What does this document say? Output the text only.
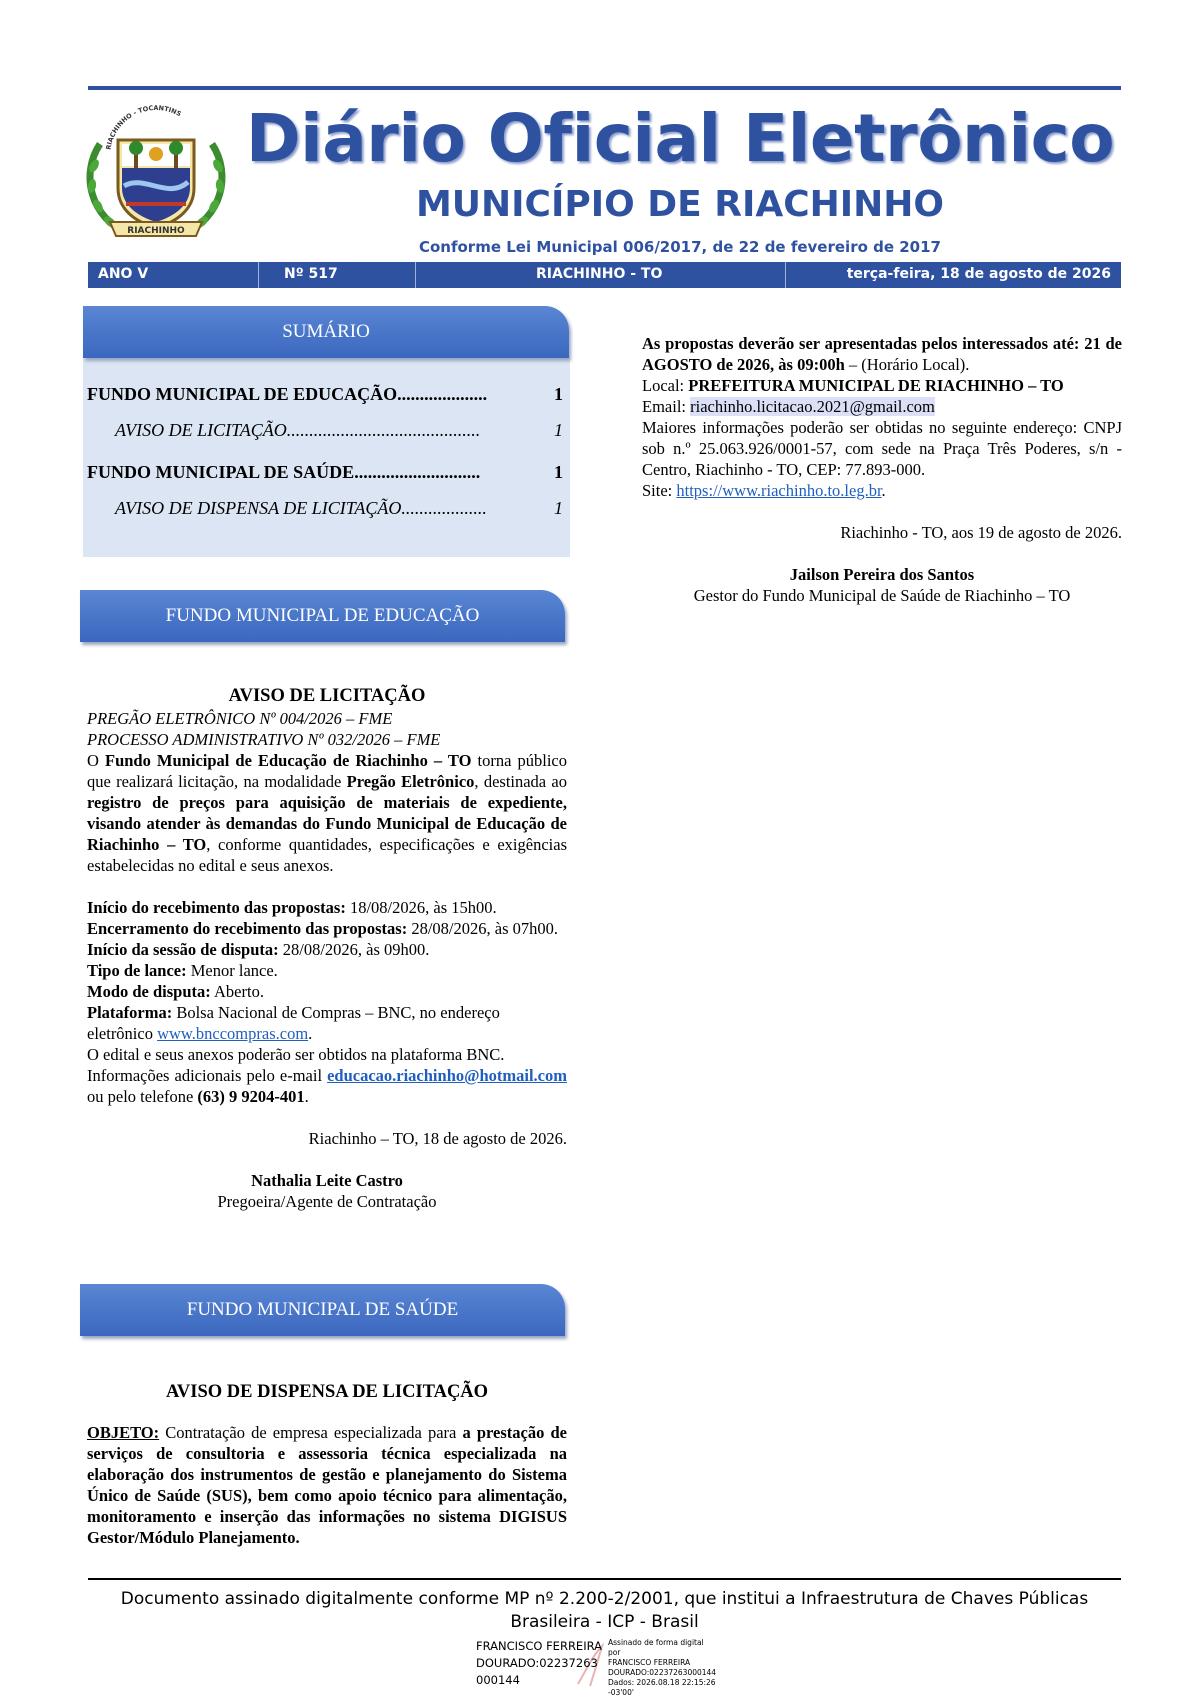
RIACHINHO
RIACHINHO - TOCANTINS Diário Oficial Eletrônico
MUNICÍPIO DE RIACHINHO
Conforme Lei Municipal 006/2017, de 22 de fevereiro de 2017
ANO V	Nº 517	RIACHINHO - TO	terça-feira, 18 de agosto de 2026
SUMÁRIO
FUNDO MUNICIPAL DE EDUCAÇÃO ....................	1
AVISO DE LICITAÇÃO ...........................................	1
FUNDO MUNICIPAL DE SAÚDE ............................	1
AVISO DE DISPENSA DE LICITAÇÃO ...................	1
FUNDO MUNICIPAL DE EDUCAÇÃO
AVISO DE LICITAÇÃO
PREGÃO ELETRÔNICO Nº 004/2026 – FME
PROCESSO ADMINISTRATIVO Nº 032/2026 – FME
O Fundo Municipal de Educação de Riachinho – TO torna público que realizará licitação, na modalidade Pregão Eletrônico, destinada ao registro de preços para aquisição de materiais de expediente, visando atender às demandas do Fundo Municipal de Educação de Riachinho – TO, conforme quantidades, especificações e exigências estabelecidas no edital e seus anexos.
Início do recebimento das propostas: 18/08/2026, às 15h00.
Encerramento do recebimento das propostas: 28/08/2026, às 07h00.
Início da sessão de disputa: 28/08/2026, às 09h00.
Tipo de lance: Menor lance.
Modo de disputa: Aberto.
Plataforma: Bolsa Nacional de Compras – BNC, no endereço eletrônico www.bnccompras.com.
O edital e seus anexos poderão ser obtidos na plataforma BNC.
Informações adicionais pelo e-mail educacao.riachinho@hotmail.com ou pelo telefone (63) 9 9204-401.
Riachinho – TO, 18 de agosto de 2026.
Nathalia Leite Castro
Pregoeira/Agente de Contratação
FUNDO MUNICIPAL DE SAÚDE
AVISO DE DISPENSA DE LICITAÇÃO
OBJETO: Contratação de empresa especializada para a prestação de serviços de consultoria e assessoria técnica especializada na elaboração dos instrumentos de gestão e planejamento do Sistema Único de Saúde (SUS), bem como apoio técnico para alimentação, monitoramento e inserção das informações no sistema DIGISUS Gestor/Módulo Planejamento.
As propostas deverão ser apresentadas pelos interessados até: 21 de AGOSTO de 2026, às 09:00h – (Horário Local).
Local: PREFEITURA MUNICIPAL DE RIACHINHO – TO
Email: riachinho.licitacao.2021@gmail.com
Maiores informações poderão ser obtidas no seguinte endereço: CNPJ sob n.º 25.063.926/0001-57, com sede na Praça Três Poderes, s/n - Centro, Riachinho - TO, CEP: 77.893-000.
Site: https://www.riachinho.to.leg.br.
Riachinho - TO, aos 19 de agosto de 2026.
Jailson Pereira dos Santos
Gestor do Fundo Municipal de Saúde de Riachinho – TO
Documento assinado digitalmente conforme MP nº 2.200-2/2001, que institui a Infraestrutura de Chaves Públicas
Brasileira - ICP - Brasil
FRANCISCO FERREIRA
DOURADO:02237263
000144
Assinado de forma digital por
FRANCISCO FERREIRA
DOURADO:02237263000144
Dados: 2026.08.18 22:15:26
-03'00'
